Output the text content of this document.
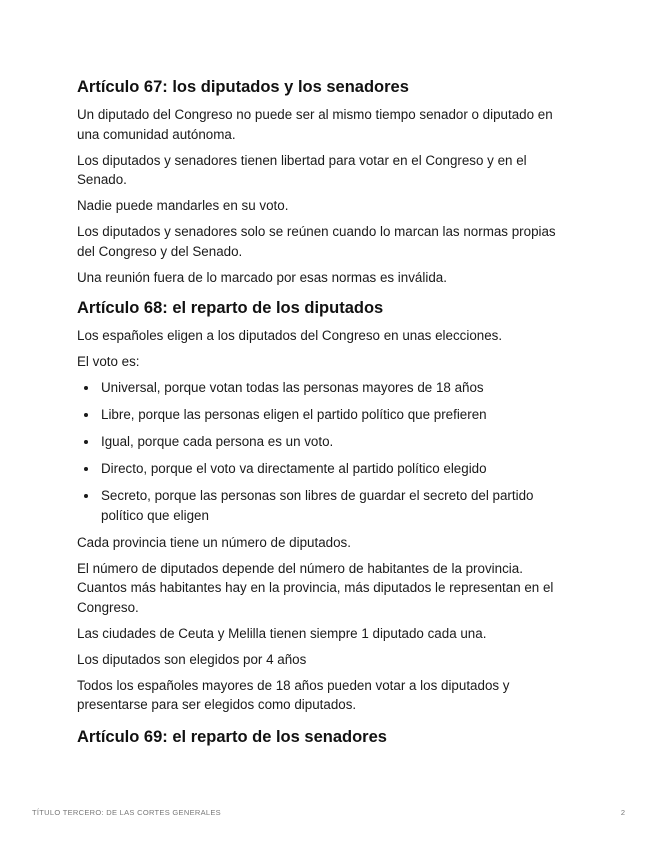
Artículo 67: los diputados y los senadores

Un diputado del Congreso no puede ser al mismo tiempo senador o diputado en una comunidad autónoma.

Los diputados y senadores tienen libertad para votar en el Congreso y en el Senado.

Nadie puede mandarles en su voto.

Los diputados y senadores solo se reúnen cuando lo marcan las normas propias del Congreso y del Senado.

Una reunión fuera de lo marcado por esas normas es inválida.

Artículo 68: el reparto de los diputados

Los españoles eligen a los diputados del Congreso en unas elecciones.

El voto es:

• Universal, porque votan todas las personas mayores de 18 años
• Libre, porque las personas eligen el partido político que prefieren
• Igual, porque cada persona es un voto.
• Directo, porque el voto va directamente al partido político elegido
• Secreto, porque las personas son libres de guardar el secreto del partido político que eligen

Cada provincia tiene un número de diputados.

El número de diputados depende del número de habitantes de la provincia. Cuantos más habitantes hay en la provincia, más diputados le representan en el Congreso.

Las ciudades de Ceuta y Melilla tienen siempre 1 diputado cada una.

Los diputados son elegidos por 4 años

Todos los españoles mayores de 18 años pueden votar a los diputados y presentarse para ser elegidos como diputados.

Artículo 69: el reparto de los senadores
TÍTULO TERCERO: DE LAS CORTES GENERALES	2
